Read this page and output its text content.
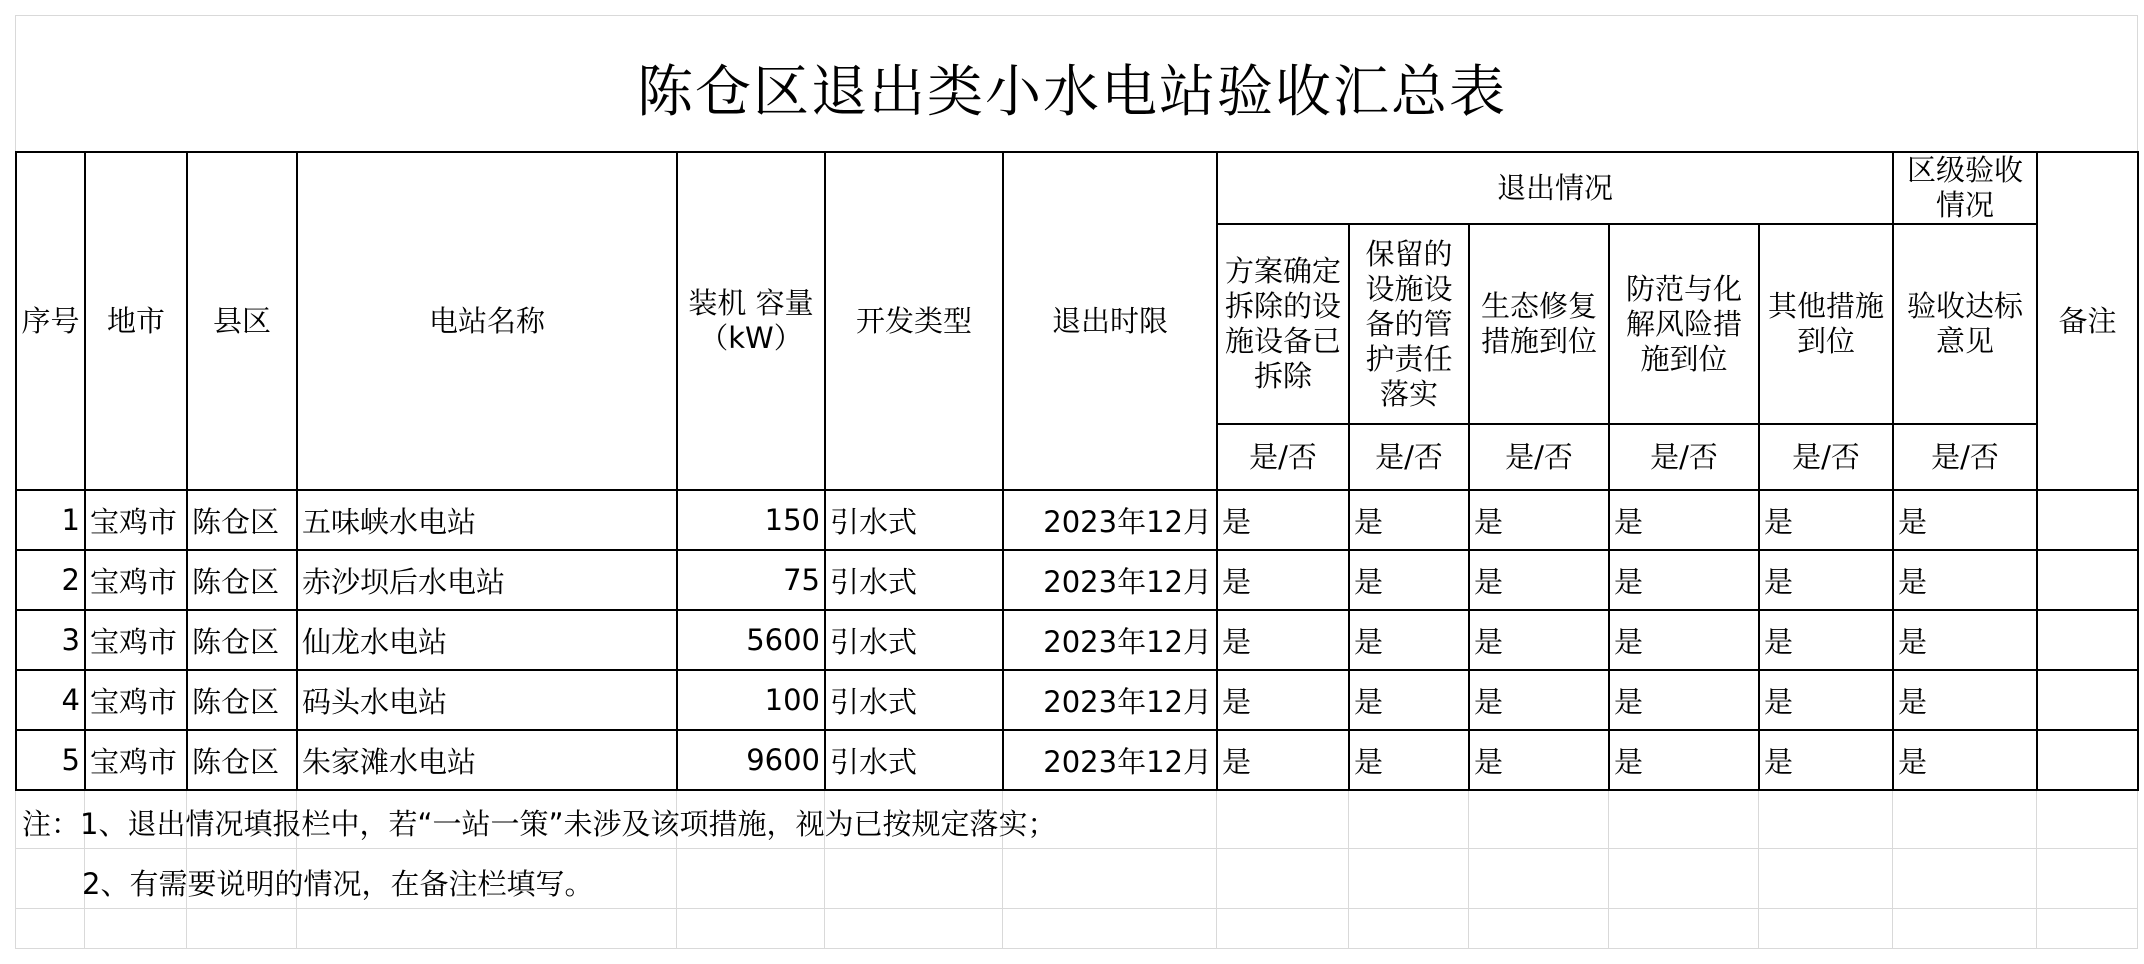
陈仓区退出类小水电站验收汇总表
序号	地市	县区	电站名称	装机 容量（kW）	开发类型	退出时限	退出情况					区级验收情况	备注
							方案确定拆除的设施设备已拆除	保留的设施设备的管护责任落实	生态修复措施到位	防范与化解风险措施到位	其他措施到位	验收达标意见	
							是/否	是/否	是/否	是/否	是/否	是/否	
1	宝鸡市	陈仓区	五味峡水电站	150	引水式	2023年12月	是	是	是	是	是	是	
2	宝鸡市	陈仓区	赤沙坝后水电站	75	引水式	2023年12月	是	是	是	是	是	是	
3	宝鸡市	陈仓区	仙龙水电站	5600	引水式	2023年12月	是	是	是	是	是	是	
4	宝鸡市	陈仓区	码头水电站	100	引水式	2023年12月	是	是	是	是	是	是	
5	宝鸡市	陈仓区	朱家滩水电站	9600	引水式	2023年12月	是	是	是	是	是	是	
注：1、退出情况填报栏中，若“一站一策”未涉及该项措施，视为已按规定落实；
2、有需要说明的情况，在备注栏填写。
